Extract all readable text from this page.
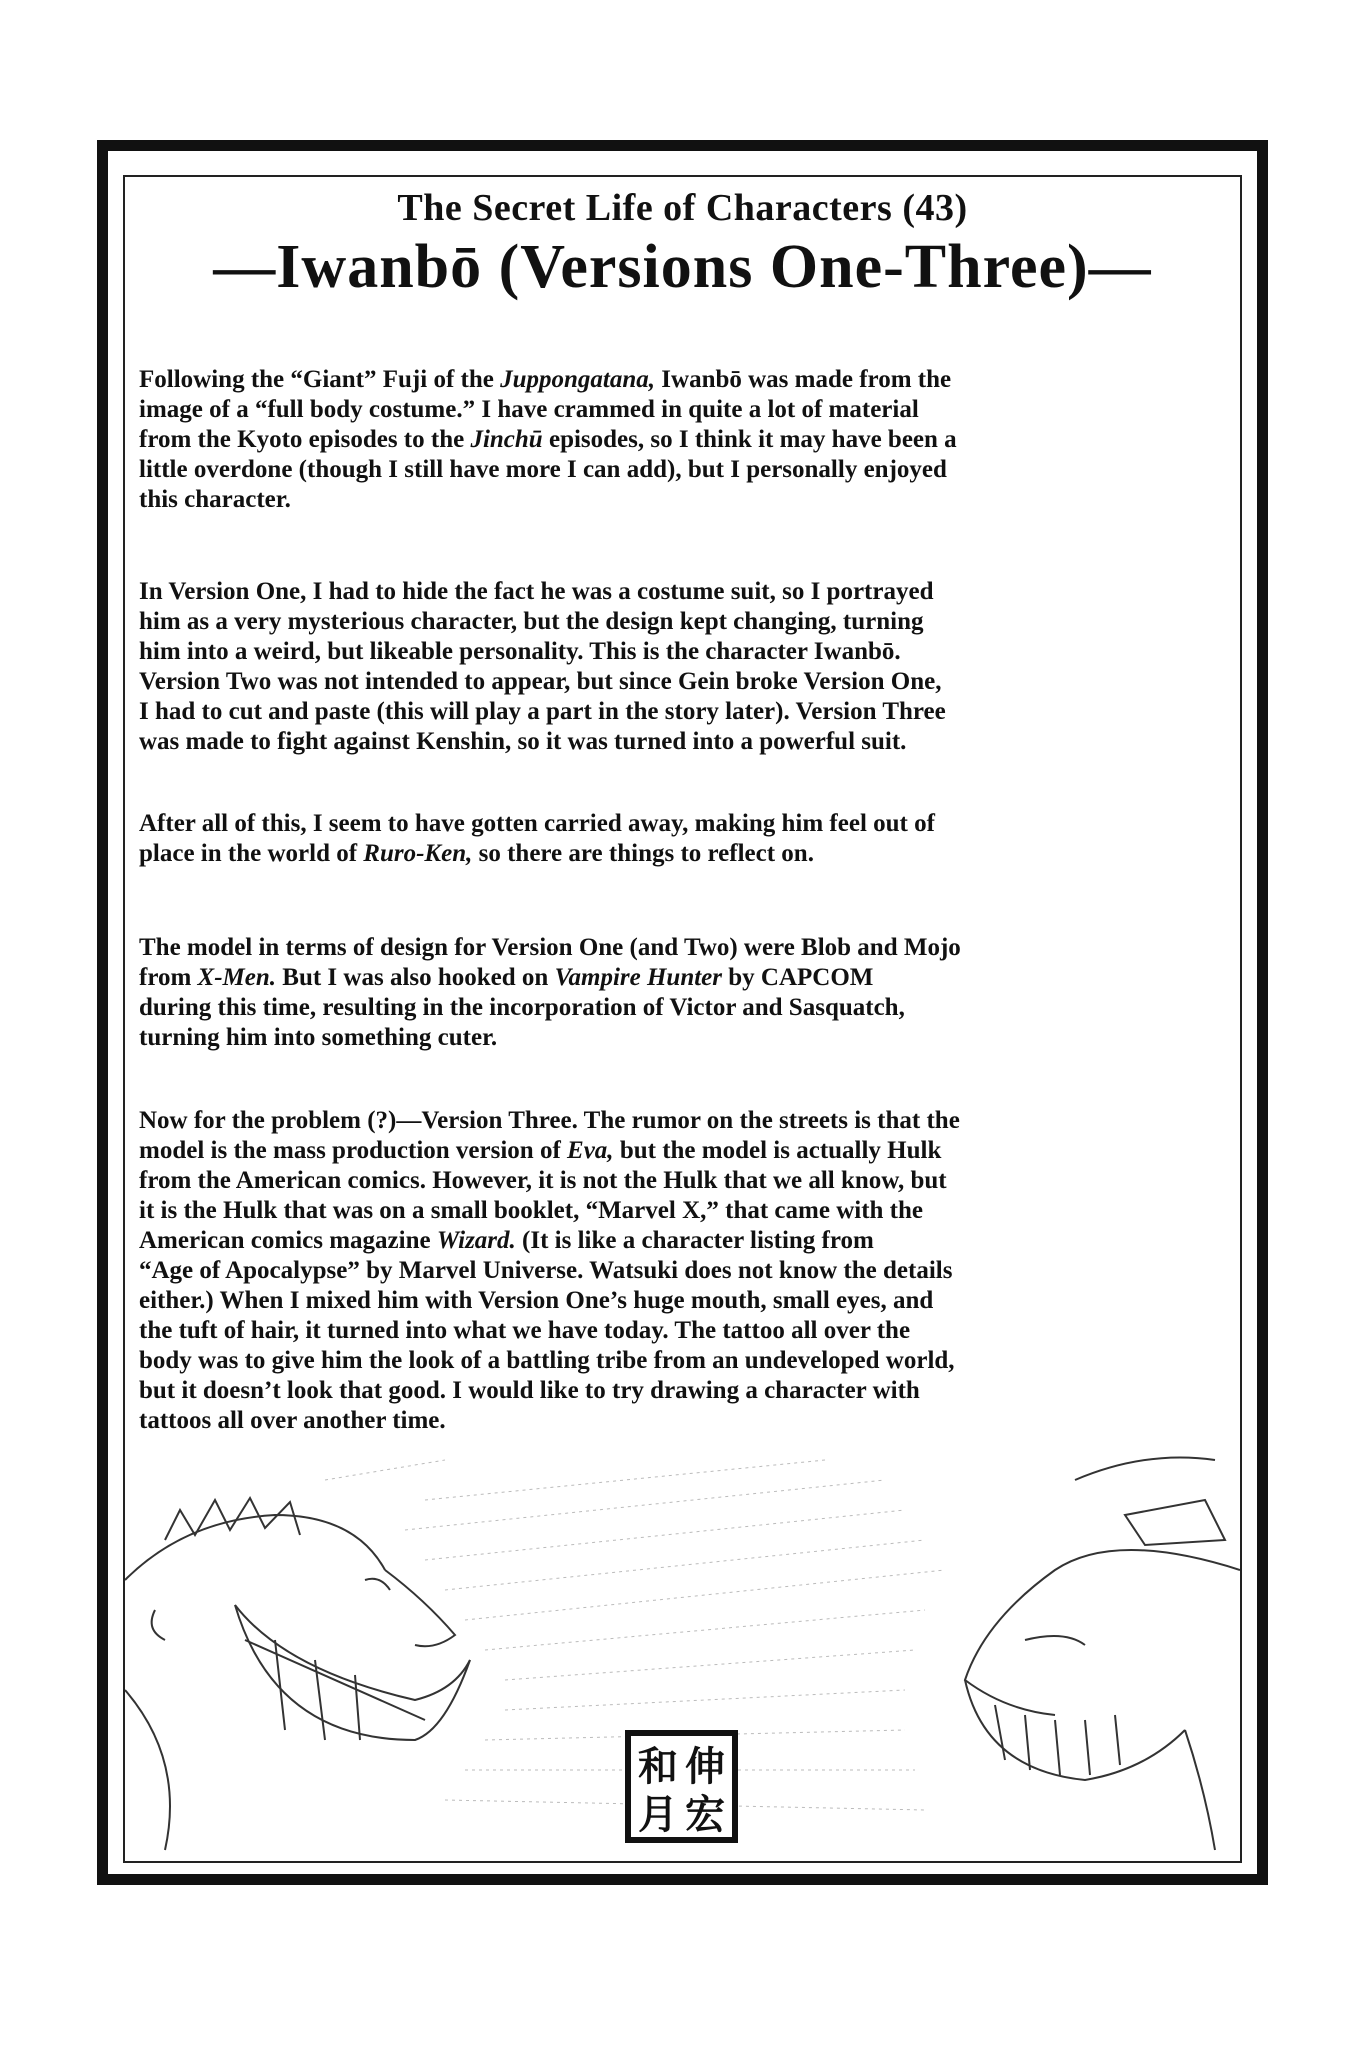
The Secret Life of Characters (43)
—Iwanbō (Versions One-Three)—
Following the “Giant” Fuji of the Juppongatana, Iwanbō was made from the
image of a “full body costume.” I have crammed in quite a lot of material
from the Kyoto episodes to the Jinchū episodes, so I think it may have been a
little overdone (though I still have more I can add), but I personally enjoyed
this character.
In Version One, I had to hide the fact he was a costume suit, so I portrayed
him as a very mysterious character, but the design kept changing, turning
him into a weird, but likeable personality. This is the character Iwanbō.
Version Two was not intended to appear, but since Gein broke Version One,
I had to cut and paste (this will play a part in the story later). Version Three
was made to fight against Kenshin, so it was turned into a powerful suit.
After all of this, I seem to have gotten carried away, making him feel out of
place in the world of Ruro-Ken, so there are things to reflect on.
The model in terms of design for Version One (and Two) were Blob and Mojo
from X-Men. But I was also hooked on Vampire Hunter by CAPCOM
during this time, resulting in the incorporation of Victor and Sasquatch,
turning him into something cuter.
Now for the problem (?)—Version Three. The rumor on the streets is that the
model is the mass production version of Eva, but the model is actually Hulk
from the American comics. However, it is not the Hulk that we all know, but
it is the Hulk that was on a small booklet, “Marvel X,” that came with the
American comics magazine Wizard. (It is like a character listing from
“Age of Apocalypse” by Marvel Universe. Watsuki does not know the details
either.) When I mixed him with Version One’s huge mouth, small eyes, and
the tuft of hair, it turned into what we have today. The tattoo all over the
body was to give him the look of a battling tribe from an undeveloped world,
but it doesn’t look that good. I would like to try drawing a character with
tattoos all over another time.
伸
宏
和
月
